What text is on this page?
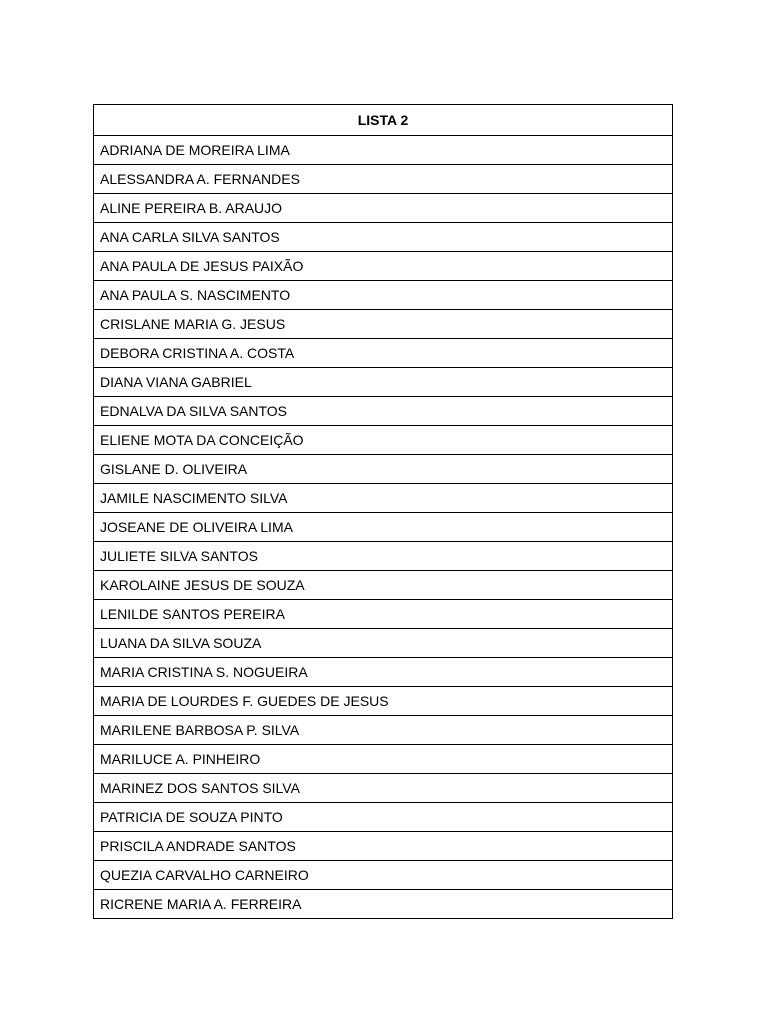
LISTA 2
ADRIANA DE MOREIRA LIMA
ALESSANDRA A. FERNANDES
ALINE PEREIRA B. ARAUJO
ANA CARLA SILVA SANTOS
ANA PAULA DE JESUS PAIXÃO
ANA PAULA S. NASCIMENTO
CRISLANE MARIA G. JESUS
DEBORA CRISTINA A. COSTA
DIANA VIANA GABRIEL
EDNALVA DA SILVA SANTOS
ELIENE MOTA DA CONCEIÇÃO
GISLANE D. OLIVEIRA
JAMILE NASCIMENTO SILVA
JOSEANE DE OLIVEIRA LIMA
JULIETE SILVA SANTOS
KAROLAINE JESUS DE SOUZA
LENILDE SANTOS PEREIRA
LUANA DA SILVA SOUZA
MARIA CRISTINA S. NOGUEIRA
MARIA DE LOURDES F. GUEDES DE JESUS
MARILENE BARBOSA P. SILVA
MARILUCE A. PINHEIRO
MARINEZ DOS SANTOS SILVA
PATRICIA DE SOUZA PINTO
PRISCILA ANDRADE SANTOS
QUEZIA CARVALHO CARNEIRO
RICRENE MARIA A. FERREIRA
